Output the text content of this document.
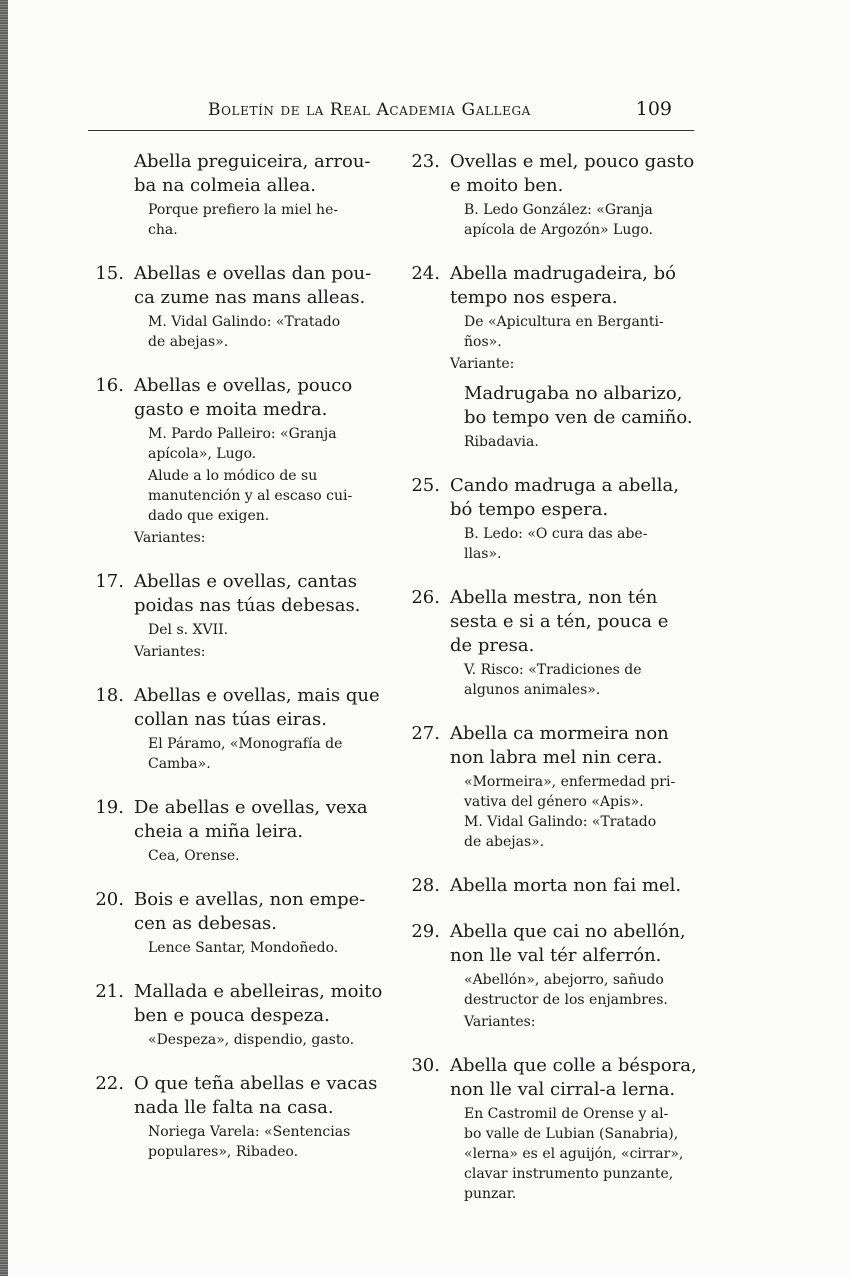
Boletín de la Real Academia Gallega	109

Abella preguiceira, arrou-
ba na colmeia allea.

Porque prefiero la miel he-
cha.

15. Abellas e ovellas dan pou-
ca zume nas mans alleas.

M. Vidal Galindo: «Tratado
de abejas».

16. Abellas e ovellas, pouco
gasto e moita medra.

M. Pardo Palleiro: «Granja
apícola», Lugo.

Alude a lo módico de su
manutención y al escaso cui-
dado que exigen.

Variantes:

17. Abellas e ovellas, cantas
poidas nas túas debesas.

Del s. XVII.

Variantes:

18. Abellas e ovellas, mais que
collan nas túas eiras.

El Páramo, «Monografía de
Camba».

19. De abellas e ovellas, vexa
cheia a miña leira.

Cea, Orense.

20. Bois e avellas, non empe-
cen as debesas.

Lence Santar, Mondoñedo.

21. Mallada e abelleiras, moito
ben e pouca despeza.

«Despeza», dispendio, gasto.

22. O que teña abellas e vacas
nada lle falta na casa.

Noriega Varela: «Sentencias
populares», Ribadeo.

23. Ovellas e mel, pouco gasto
e moito ben.

B. Ledo González: «Granja
apícola de Argozón» Lugo.

24. Abella madrugadeira, bó
tempo nos espera.

De «Apicultura en Berganti-
ños».

Variante:

Madrugaba no albarizo,
bo tempo ven de camiño.

Ribadavia.

25. Cando madruga a abella,
bó tempo espera.

B. Ledo: «O cura das abe-
llas».

26. Abella mestra, non tén
sesta e si a tén, pouca e
de presa.

V. Risco: «Tradiciones de
algunos animales».

27. Abella ca mormeira non
non labra mel nin cera.

«Mormeira», enfermedad pri-
vativa del género «Apis».
M. Vidal Galindo: «Tratado
de abejas».

28. Abella morta non fai mel.

29. Abella que cai no abellón,
non lle val tér alferrón.

«Abellón», abejorro, sañudo
destructor de los enjambres.

Variantes:

30. Abella que colle a béspora,
non lle val cirral-a lerna.

En Castromil de Orense y al-
bo valle de Lubian (Sanabria),
«lerna» es el aguijón, «cirrar»,
clavar instrumento punzante,
punzar.
